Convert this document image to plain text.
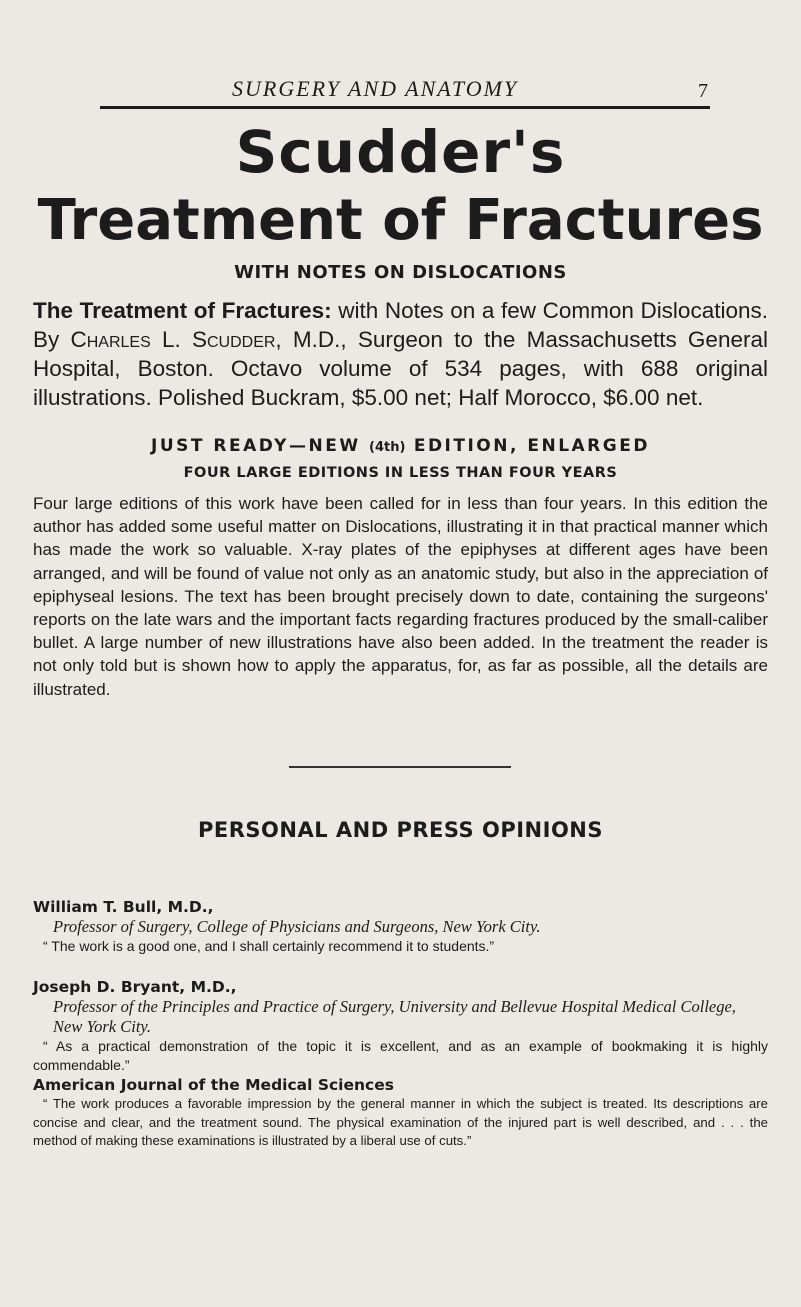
SURGERY AND ANATOMY	7
Scudder's
Treatment of Fractures
WITH NOTES ON DISLOCATIONS
The Treatment of Fractures: with Notes on a few Common Dislocations. By Charles L. Scudder, M.D., Surgeon to the Massachusetts General Hospital, Boston. Octavo volume of 534 pages, with 688 original illustrations. Polished Buckram, $5.00 net; Half Morocco, $6.00 net.
JUST READY—NEW (4th) EDITION, ENLARGED
FOUR LARGE EDITIONS IN LESS THAN FOUR YEARS
Four large editions of this work have been called for in less than four years. In this edition the author has added some useful matter on Dislocations, illustrating it in that practical manner which has made the work so valuable. X-ray plates of the epiphyses at different ages have been arranged, and will be found of value not only as an anatomic study, but also in the appreciation of epiphyseal lesions. The text has been brought precisely down to date, containing the surgeons' reports on the late wars and the important facts regarding fractures produced by the small-caliber bullet. A large number of new illustrations have also been added. In the treatment the reader is not only told but is shown how to apply the apparatus, for, as far as possible, all the details are illustrated.
PERSONAL AND PRESS OPINIONS
William T. Bull, M.D.,
Professor of Surgery, College of Physicians and Surgeons, New York City.
“ The work is a good one, and I shall certainly recommend it to students.”
Joseph D. Bryant, M.D.,
Professor of the Principles and Practice of Surgery, University and Bellevue Hospital Medical College, New York City.
“ As a practical demonstration of the topic it is excellent, and as an example of bookmaking it is highly commendable.”
American Journal of the Medical Sciences
“ The work produces a favorable impression by the general manner in which the subject is treated. Its descriptions are concise and clear, and the treatment sound. The physical examination of the injured part is well described, and . . . the method of making these examinations is illustrated by a liberal use of cuts.”
